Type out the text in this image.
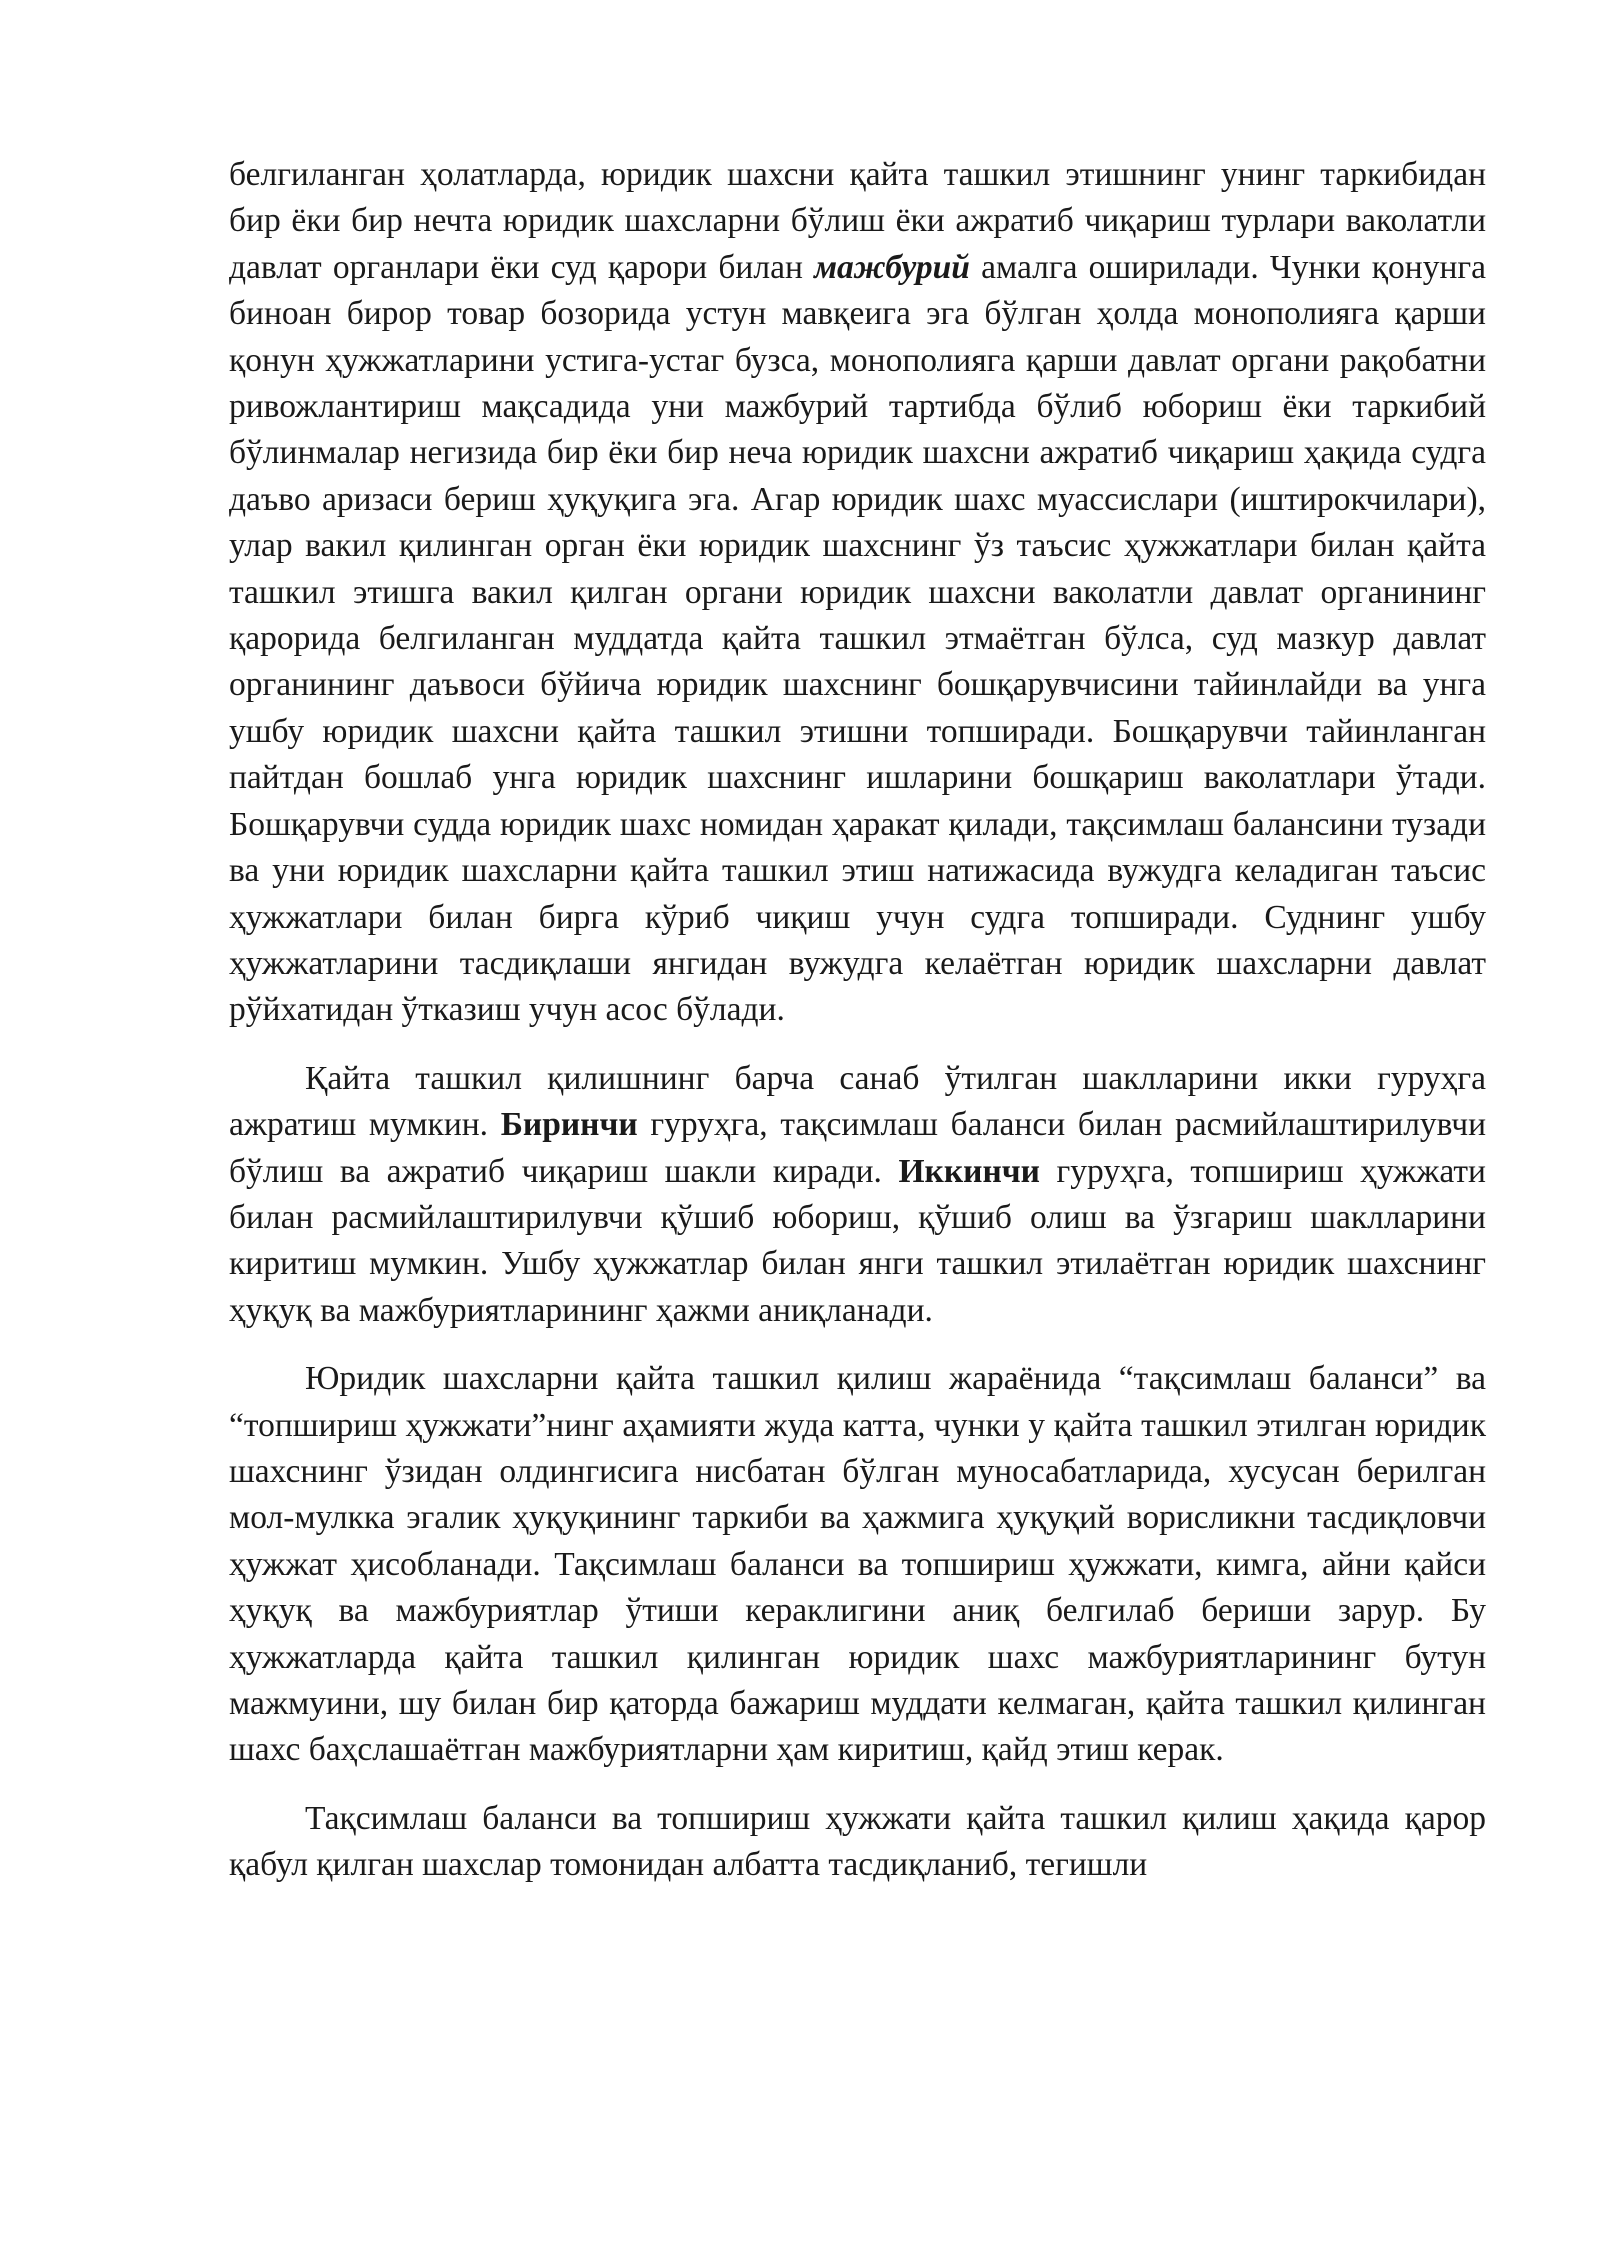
белгиланган ҳолатларда, юридик шахсни қайта ташкил этишнинг унинг таркибидан бир ёки бир нечта юридик шахсларни бўлиш ёки ажратиб чиқариш турлари ваколатли давлат органлари ёки суд қарори билан мажбурий амалга оширилади. Чунки қонунга биноан бирор товар бозорида устун мавқеига эга бўлган ҳолда монополияга қарши қонун ҳужжатларини устига-устаг бузса, монополияга қарши давлат органи рақобатни ривожлантириш мақсадида уни мажбурий тартибда бўлиб юбориш ёки таркибий бўлинмалар негизида бир ёки бир неча юридик шахсни ажратиб чиқариш ҳақида судга даъво аризаси бериш ҳуқуқига эга. Агар юридик шахс муассислари (иштирокчилари), улар вакил қилинган орган ёки юридик шахснинг ўз таъсис ҳужжатлари билан қайта ташкил этишга вакил қилган органи юридик шахсни ваколатли давлат органининг қарорида белгиланган муддатда қайта ташкил этмаётган бўлса, суд мазкур давлат органининг даъвоси бўйича юридик шахснинг бошқарувчисини тайинлайди ва унга ушбу юридик шахсни қайта ташкил этишни топширади. Бошқарувчи тайинланган пайтдан бошлаб унга юридик шахснинг ишларини бошқариш ваколатлари ўтади. Бошқарувчи судда юридик шахс номидан ҳаракат қилади, тақсимлаш балансини тузади ва уни юридик шахсларни қайта ташкил этиш натижасида вужудга келадиган таъсис ҳужжатлари билан бирга кўриб чиқиш учун судга топширади. Суднинг ушбу ҳужжатларини тасдиқлаши янгидан вужудга келаётган юридик шахсларни давлат рўйхатидан ўтказиш учун асос бўлади.

Қайта ташкил қилишнинг барча санаб ўтилган шаклларини икки гуруҳга ажратиш мумкин. Биринчи гуруҳга, тақсимлаш баланси билан расмийлаштирилувчи бўлиш ва ажратиб чиқариш шакли киради. Иккинчи гуруҳга, топшириш ҳужжати билан расмийлаштирилувчи қўшиб юбориш, қўшиб олиш ва ўзгариш шаклларини киритиш мумкин. Ушбу ҳужжатлар билан янги ташкил этилаётган юридик шахснинг ҳуқуқ ва мажбуриятларининг ҳажми аниқланади.

Юридик шахсларни қайта ташкил қилиш жараёнида “тақсимлаш баланси” ва “топшириш ҳужжати”нинг аҳамияти жуда катта, чунки у қайта ташкил этилган юридик шахснинг ўзидан олдингисига нисбатан бўлган муносабатларида, хусусан берилган мол-мулкка эгалик ҳуқуқининг таркиби ва ҳажмига ҳуқуқий ворисликни тасдиқловчи ҳужжат ҳисобланади. Тақсимлаш баланси ва топшириш ҳужжати, кимга, айни қайси ҳуқуқ ва мажбуриятлар ўтиши кераклигини аниқ белгилаб бериши зарур. Бу ҳужжатларда қайта ташкил қилинган юридик шахс мажбуриятларининг бутун мажмуини, шу билан бир қаторда бажариш муддати келмаган, қайта ташкил қилинган шахс баҳслашаётган мажбуриятларни ҳам киритиш, қайд этиш керак.

Тақсимлаш баланси ва топшириш ҳужжати қайта ташкил қилиш ҳақида қарор қабул қилган шахслар томонидан албатта тасдиқланиб, тегишли
